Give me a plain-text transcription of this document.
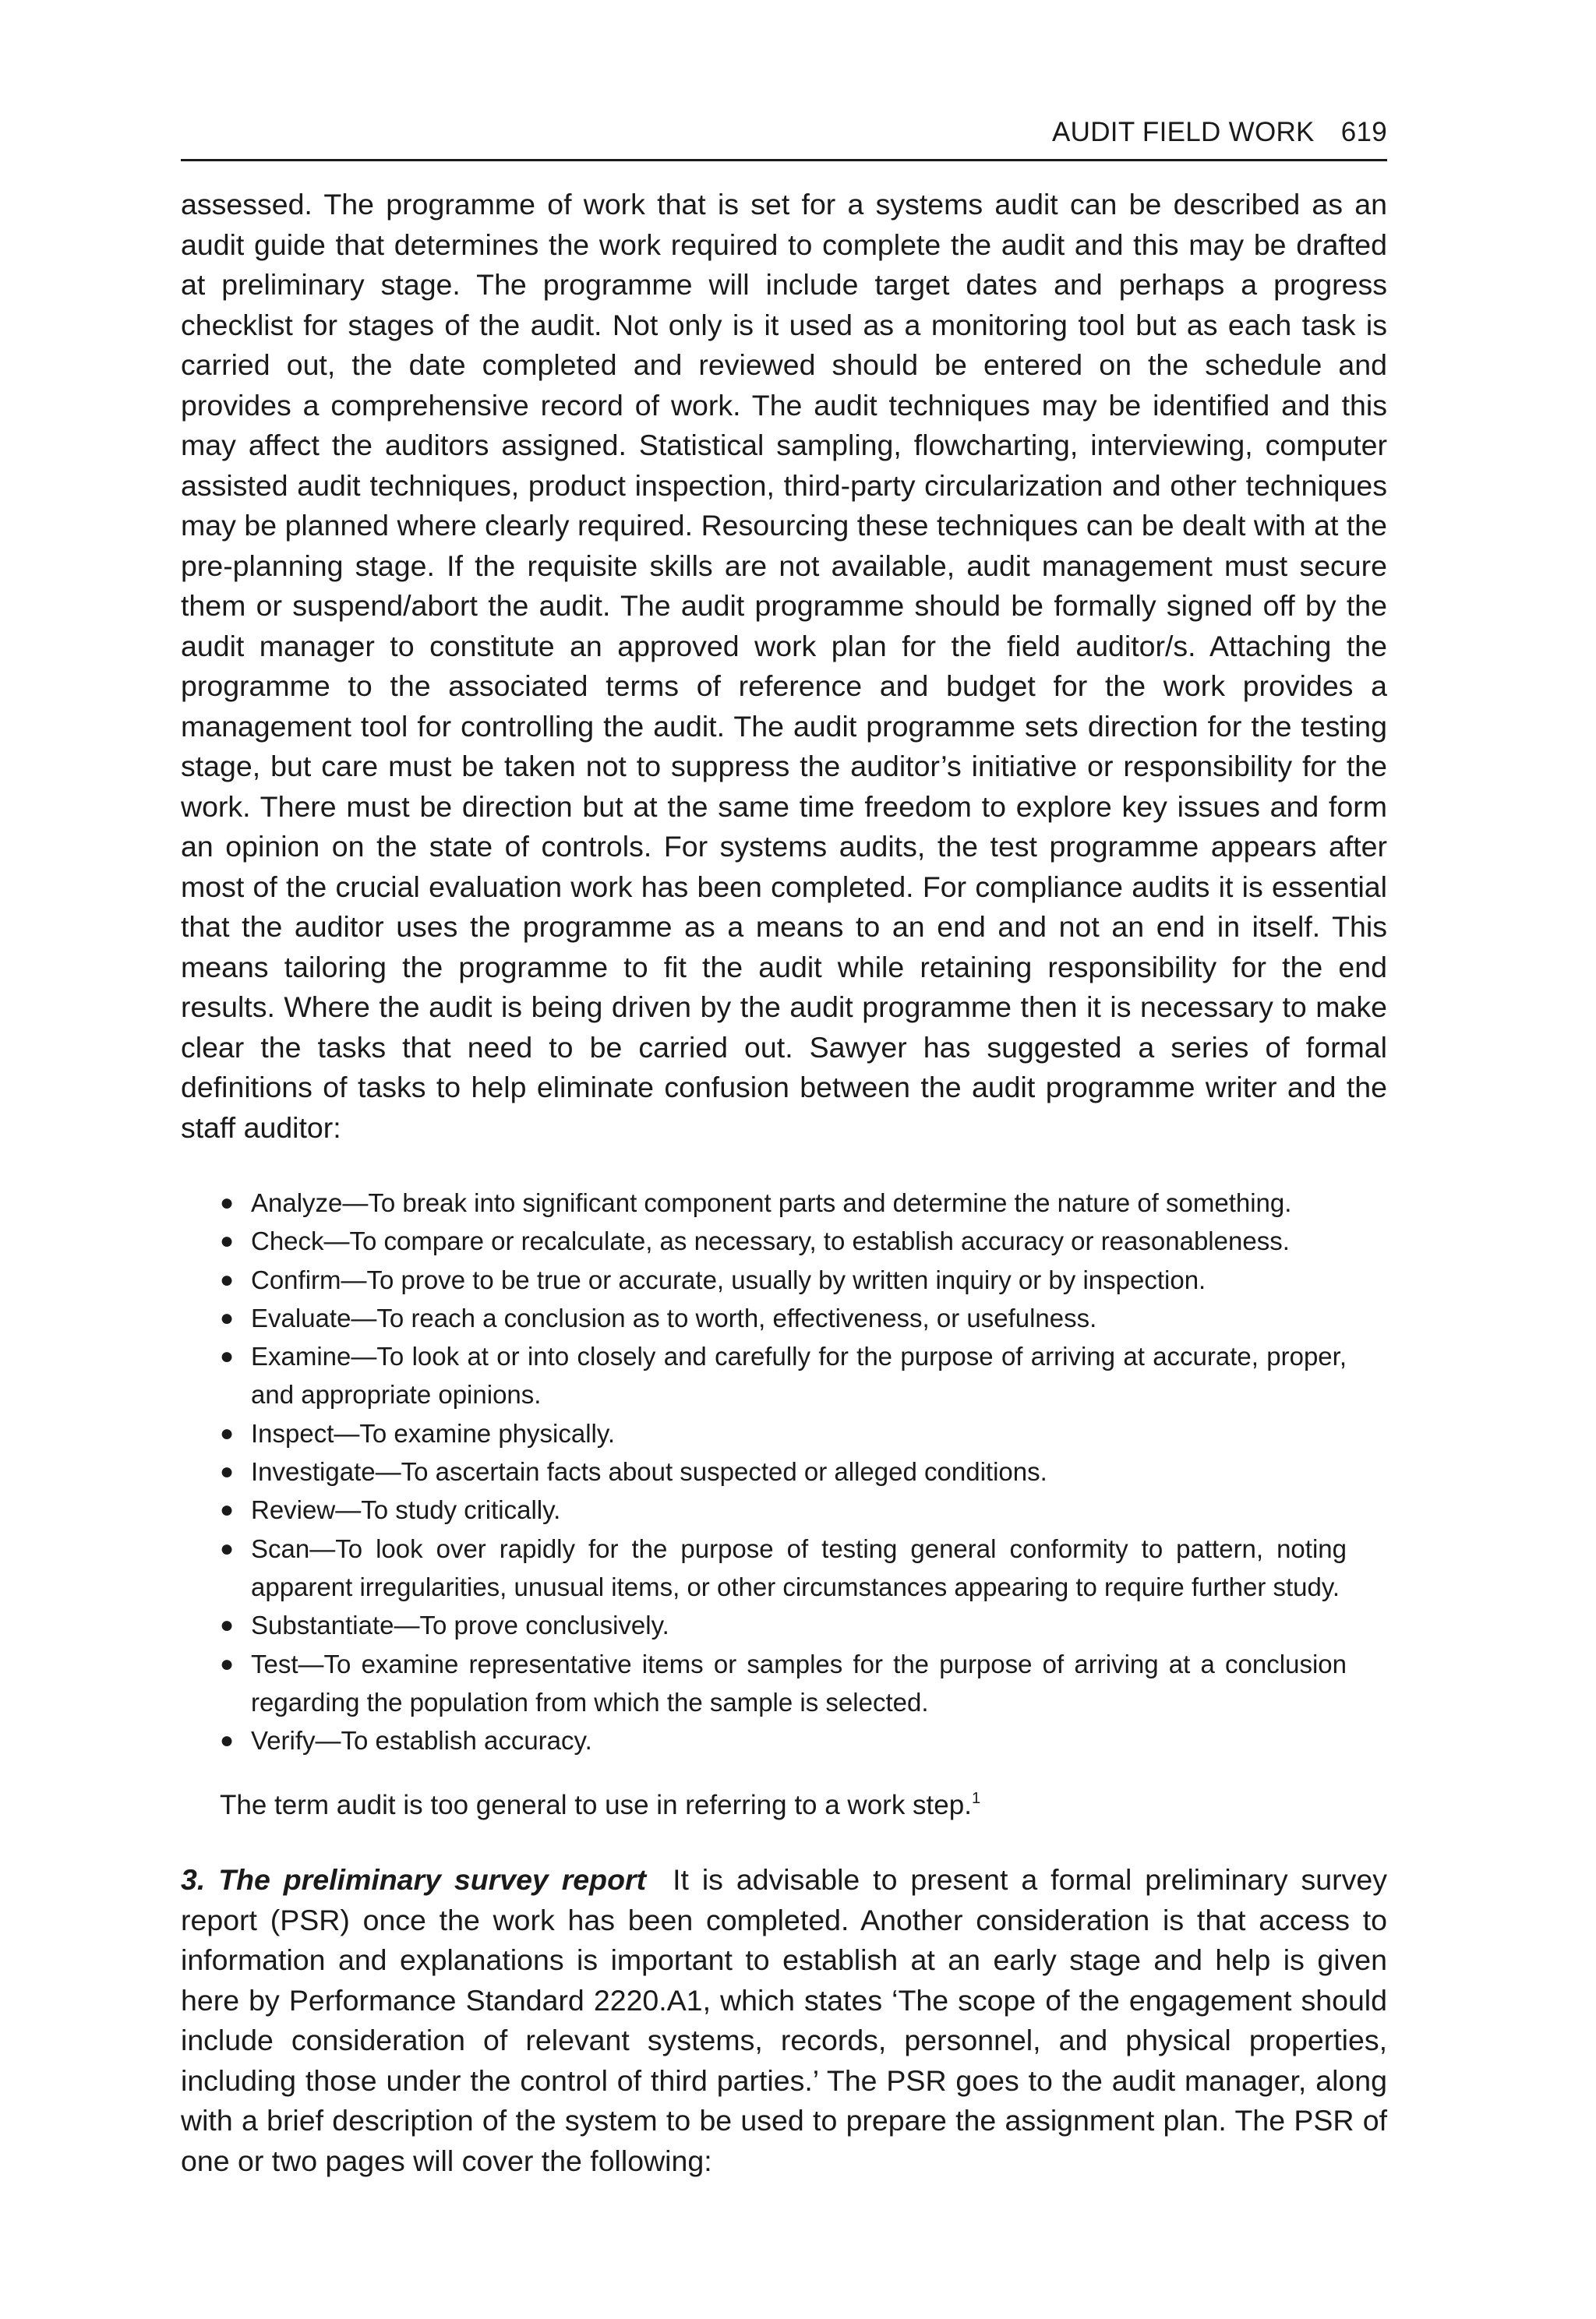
AUDIT FIELD WORK 619

assessed. The programme of work that is set for a systems audit can be described as an audit guide that determines the work required to complete the audit and this may be drafted at preliminary stage. The programme will include target dates and perhaps a progress checklist for stages of the audit. Not only is it used as a monitoring tool but as each task is carried out, the date completed and reviewed should be entered on the schedule and provides a comprehensive record of work. The audit techniques may be identified and this may affect the auditors assigned. Statistical sampling, flowcharting, interviewing, computer assisted audit techniques, product inspection, third-party circularization and other techniques may be planned where clearly required. Resourcing these techniques can be dealt with at the pre-planning stage. If the requisite skills are not available, audit management must secure them or suspend/abort the audit. The audit programme should be formally signed off by the audit manager to constitute an approved work plan for the field auditor/s. Attaching the programme to the associated terms of reference and budget for the work provides a management tool for controlling the audit. The audit programme sets direction for the testing stage, but care must be taken not to suppress the auditor’s initiative or responsibility for the work. There must be direction but at the same time freedom to explore key issues and form an opinion on the state of controls. For systems audits, the test programme appears after most of the crucial evaluation work has been completed. For compliance audits it is essential that the auditor uses the programme as a means to an end and not an end in itself. This means tailoring the programme to fit the audit while retaining responsibility for the end results. Where the audit is being driven by the audit programme then it is necessary to make clear the tasks that need to be carried out. Sawyer has suggested a series of formal definitions of tasks to help eliminate confusion between the audit programme writer and the staff auditor:

● Analyze—To break into significant component parts and determine the nature of something.
● Check—To compare or recalculate, as necessary, to establish accuracy or reasonableness.
● Confirm—To prove to be true or accurate, usually by written inquiry or by inspection.
● Evaluate—To reach a conclusion as to worth, effectiveness, or usefulness.
● Examine—To look at or into closely and carefully for the purpose of arriving at accurate, proper, and appropriate opinions.
● Inspect—To examine physically.
● Investigate—To ascertain facts about suspected or alleged conditions.
● Review—To study critically.
● Scan—To look over rapidly for the purpose of testing general conformity to pattern, noting apparent irregularities, unusual items, or other circumstances appearing to require further study.
● Substantiate—To prove conclusively.
● Test—To examine representative items or samples for the purpose of arriving at a conclusion regarding the population from which the sample is selected.
● Verify—To establish accuracy.

The term audit is too general to use in referring to a work step.$^1$

3. The preliminary survey report It is advisable to present a formal preliminary survey report (PSR) once the work has been completed. Another consideration is that access to information and explanations is important to establish at an early stage and help is given here by Performance Standard 2220.A1, which states ‘The scope of the engagement should include consideration of relevant systems, records, personnel, and physical properties, including those under the control of third parties.’ The PSR goes to the audit manager, along with a brief description of the system to be used to prepare the assignment plan. The PSR of one or two pages will cover the following:
